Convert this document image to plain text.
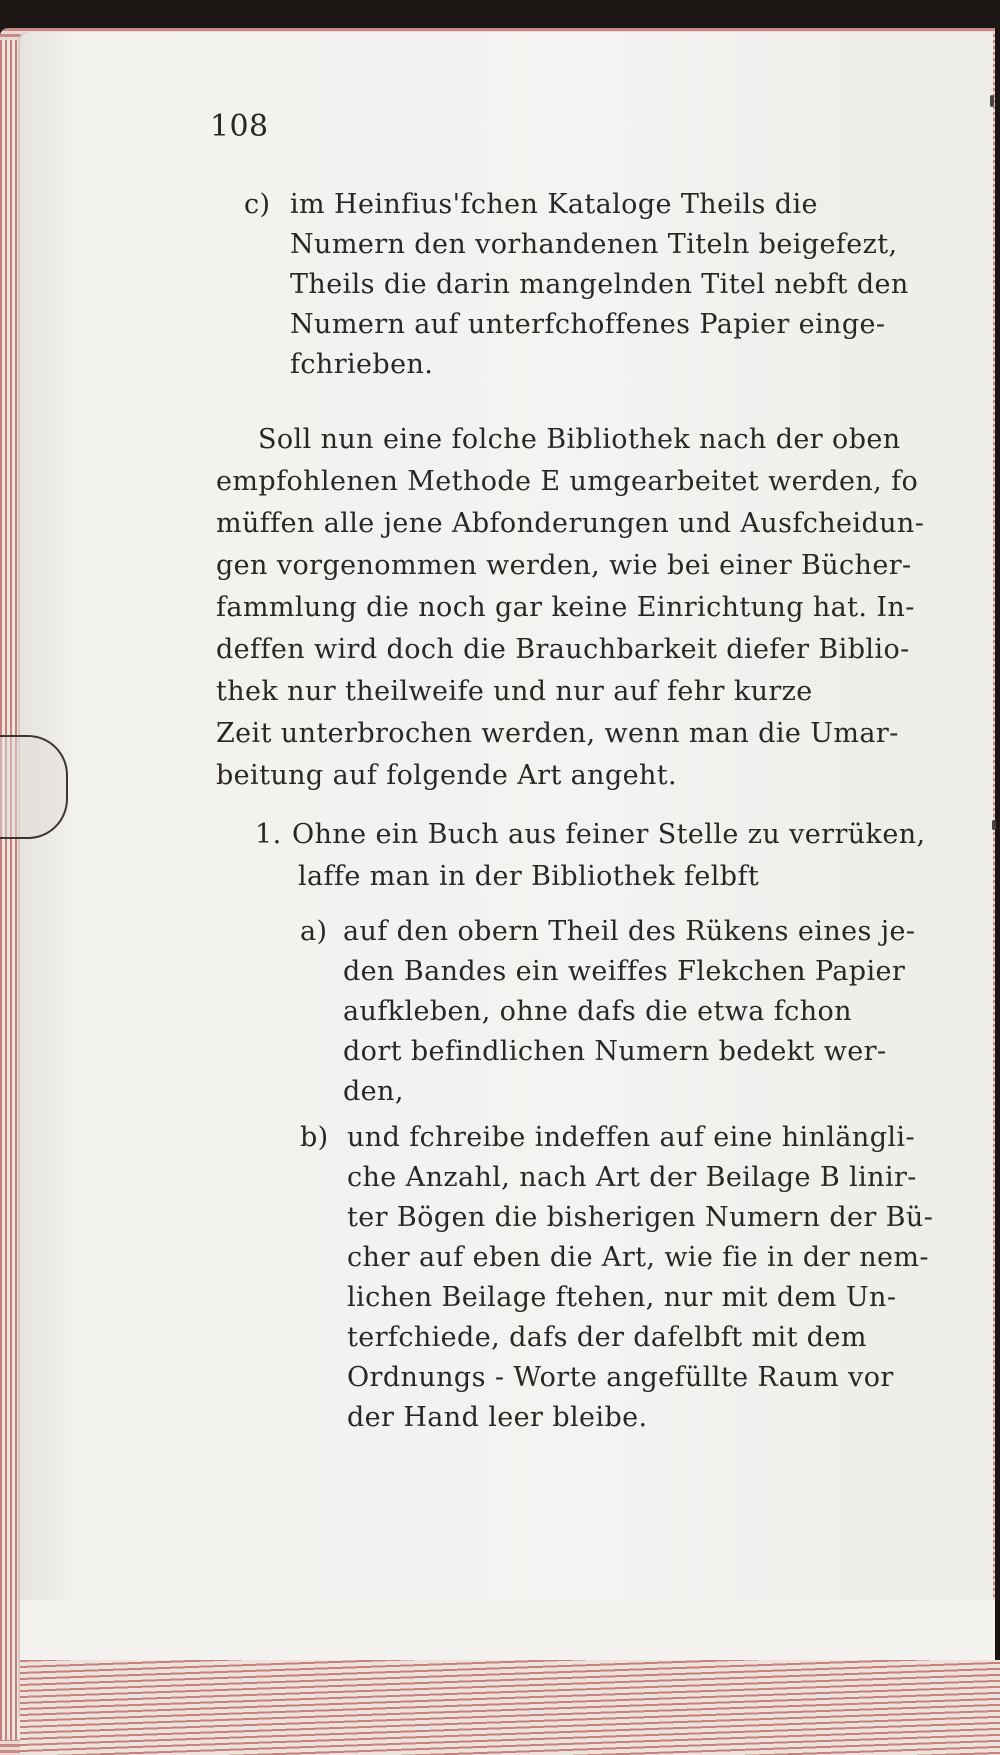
108
c) im Heinfius'fchen Kataloge Theils die
Numern den vorhandenen Titeln beigefezt,
Theils die darin mangelnden Titel nebft den
Numern auf unterfchoffenes Papier einge-
fchrieben.
Soll nun eine folche Bibliothek nach der oben
empfohlenen Methode E umgearbeitet werden, fo
müffen alle jene Abfonderungen und Ausfcheidun-
gen vorgenommen werden, wie bei einer Bücher-
fammlung die noch gar keine Einrichtung hat. In-
deffen wird doch die Brauchbarkeit diefer Biblio-
thek nur theilweife und nur auf fehr kurze
Zeit unterbrochen werden, wenn man die Umar-
beitung auf folgende Art angeht.
1. Ohne ein Buch aus feiner Stelle zu verrüken,
laffe man in der Bibliothek felbft
a) auf den obern Theil des Rükens eines je-
den Bandes ein weiffes Flekchen Papier
aufkleben, ohne dafs die etwa fchon
dort befindlichen Numern bedekt wer-
den,
b) und fchreibe indeffen auf eine hinlängli-
che Anzahl, nach Art der Beilage B linir-
ter Bögen die bisherigen Numern der Bü-
cher auf eben die Art, wie fie in der nem-
lichen Beilage ftehen, nur mit dem Un-
terfchiede, dafs der dafelbft mit dem
Ordnungs - Worte angefüllte Raum vor
der Hand leer bleibe.
